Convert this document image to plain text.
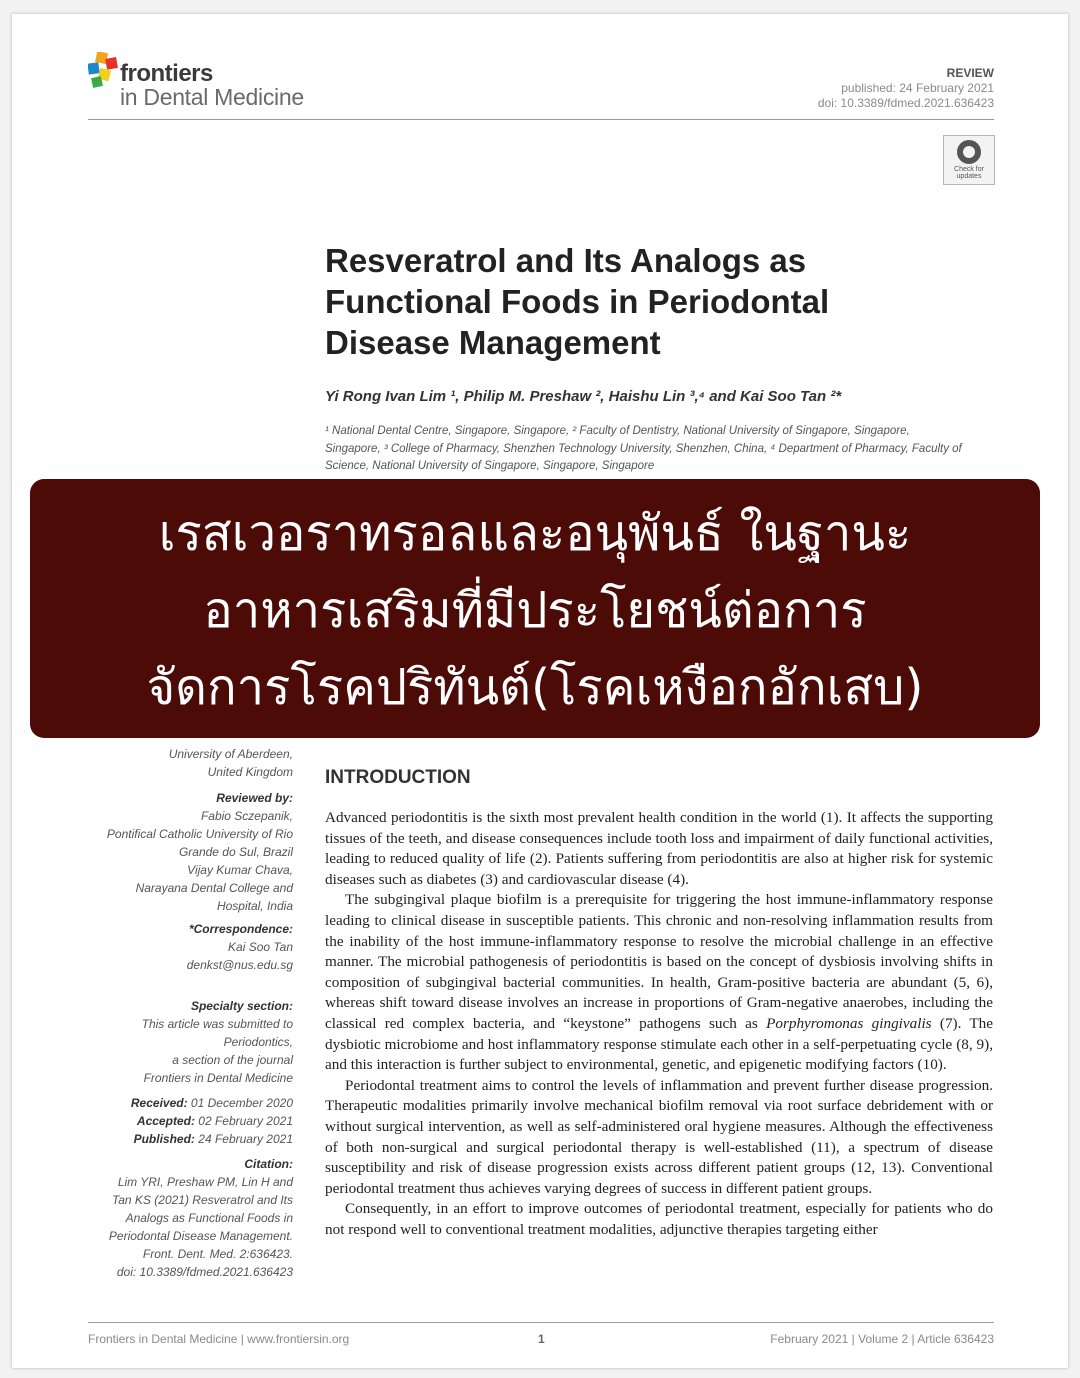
frontiers
in Dental Medicine
REVIEW
published: 24 February 2021
doi: 10.3389/fdmed.2021.636423
Check for
updates
Resveratrol and Its Analogs as
Functional Foods in Periodontal
Disease Management
Yi Rong Ivan Lim ¹, Philip M. Preshaw ², Haishu Lin ³,⁴ and Kai Soo Tan ²*
¹ National Dental Centre, Singapore, Singapore, ² Faculty of Dentistry, National University of Singapore, Singapore,
Singapore, ³ College of Pharmacy, Shenzhen Technology University, Shenzhen, China, ⁴ Department of Pharmacy, Faculty of
Science, National University of Singapore, Singapore, Singapore
University of Aberdeen,
United Kingdom
Reviewed by:
Fabio Sczepanik,
Pontifical Catholic University of Rio
Grande do Sul, Brazil
Vijay Kumar Chava,
Narayana Dental College and
Hospital, India
*Correspondence:
Kai Soo Tan
denkst@nus.edu.sg
Specialty section:
This article was submitted to
Periodontics,
a section of the journal
Frontiers in Dental Medicine
Received: 01 December 2020
Accepted: 02 February 2021
Published: 24 February 2021
Citation:
Lim YRI, Preshaw PM, Lin H and
Tan KS (2021) Resveratrol and Its
Analogs as Functional Foods in
Periodontal Disease Management.
Front. Dent. Med. 2:636423.
doi: 10.3389/fdmed.2021.636423
INTRODUCTION

Advanced periodontitis is the sixth most prevalent health condition in the world (1). It affects the supporting tissues of the teeth, and disease consequences include tooth loss and impairment of daily functional activities, leading to reduced quality of life (2). Patients suffering from periodontitis are also at higher risk for systemic diseases such as diabetes (3) and cardiovascular disease (4).

The subgingival plaque biofilm is a prerequisite for triggering the host immune-inflammatory response leading to clinical disease in susceptible patients. This chronic and non-resolving inflammation results from the inability of the host immune-inflammatory response to resolve the microbial challenge in an effective manner. The microbial pathogenesis of periodontitis is based on the concept of dysbiosis involving shifts in composition of subgingival bacterial communities. In health, Gram-positive bacteria are abundant (5, 6), whereas shift toward disease involves an increase in proportions of Gram-negative anaerobes, including the classical red complex bacteria, and “keystone” pathogens such as Porphyromonas gingivalis (7). The dysbiotic microbiome and host inflammatory response stimulate each other in a self-perpetuating cycle (8, 9), and this interaction is further subject to environmental, genetic, and epigenetic modifying factors (10).

Periodontal treatment aims to control the levels of inflammation and prevent further disease progression. Therapeutic modalities primarily involve mechanical biofilm removal via root surface debridement with or without surgical intervention, as well as self-administered oral hygiene measures. Although the effectiveness of both non-surgical and surgical periodontal therapy is well-established (11), a spectrum of disease susceptibility and risk of disease progression exists across different patient groups (12, 13). Conventional periodontal treatment thus achieves varying degrees of success in different patient groups.

Consequently, in an effort to improve outcomes of periodontal treatment, especially for patients who do not respond well to conventional treatment modalities, adjunctive therapies targeting either

Frontiers in Dental Medicine | www.frontiersin.org	1	February 2021 | Volume 2 | Article 636423
เรสเวอราทรอลและอนุพันธ์ ในฐานะ
อาหารเสริมที่มีประโยชน์ต่อการ
จัดการโรคปริทันต์(โรคเหงือกอักเสบ)
